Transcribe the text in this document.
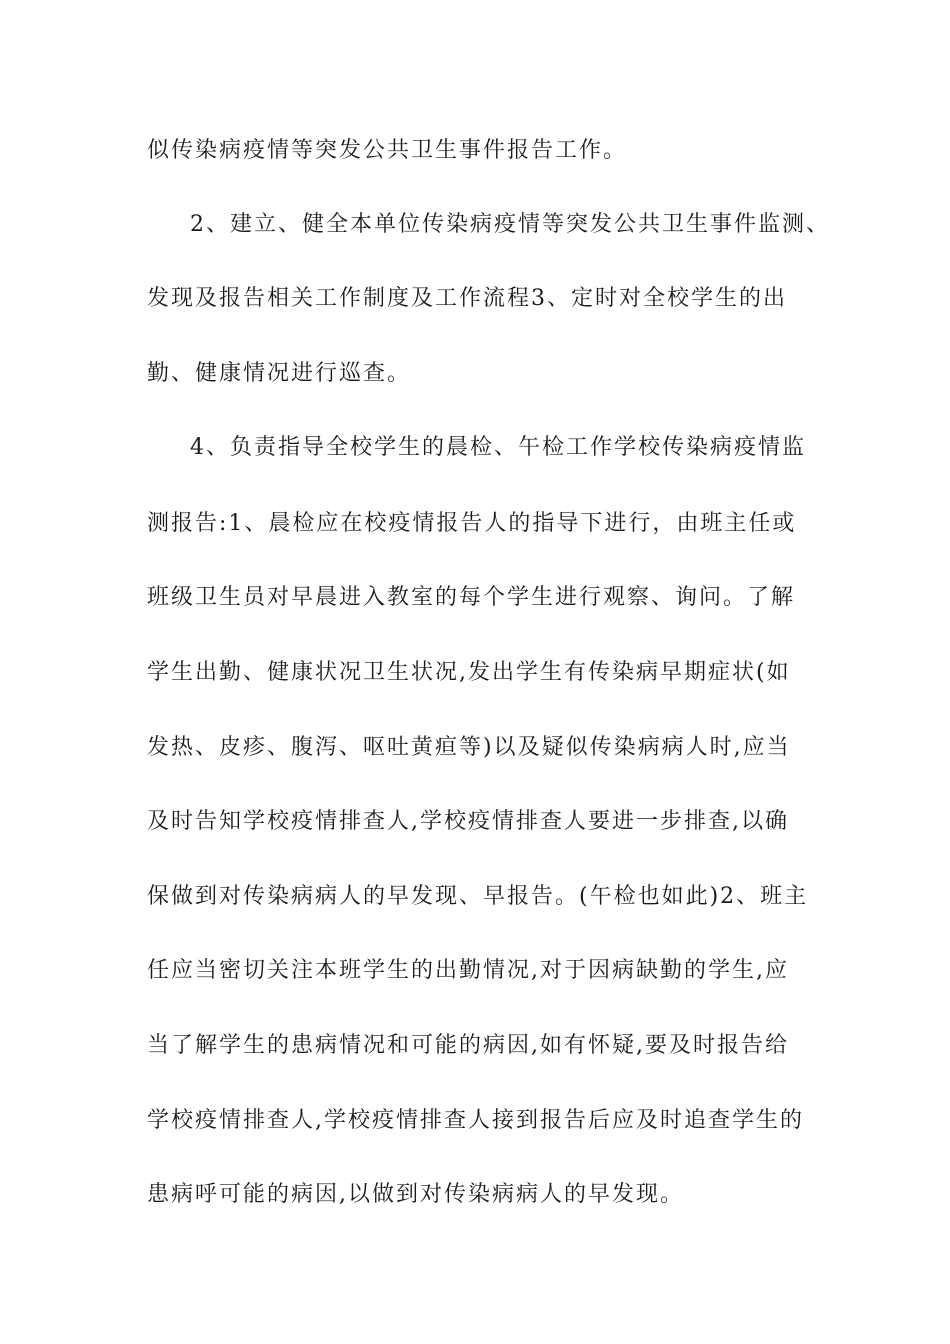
似传染病疫情等突发公共卫生事件报告工作。
2、建立、健全本单位传染病疫情等突发公共卫生事件监测、
发现及报告相关工作制度及工作流程3、定时对全校学生的出
勤、健康情况进行巡查。
4、负责指导全校学生的晨检、午检工作学校传染病疫情监
测报告:1、晨检应在校疫情报告人的指导下进行，由班主任或
班级卫生员对早晨进入教室的每个学生进行观察、询问。了解
学生出勤、健康状况卫生状况,发出学生有传染病早期症状(如
发热、皮疹、腹泻、呕吐黄疸等)以及疑似传染病病人时,应当
及时告知学校疫情排查人,学校疫情排查人要进一步排查,以确
保做到对传染病病人的早发现、早报告。(午检也如此)2、班主
任应当密切关注本班学生的出勤情况,对于因病缺勤的学生,应
当了解学生的患病情况和可能的病因,如有怀疑,要及时报告给
学校疫情排查人,学校疫情排查人接到报告后应及时追查学生的
患病呼可能的病因,以做到对传染病病人的早发现。
